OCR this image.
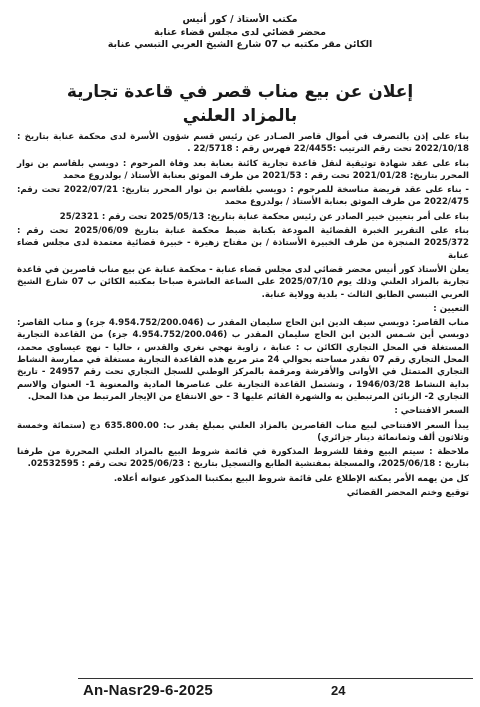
مكتب الأستاذ / كور أنيس
محضر قضائي لدى مجلس قضاء عنابة
الكائن مقر مكتبه ب 07 شارع الشيخ العربي التبسي عنابة
إعلان عن بيع مناب قصر في قاعدة تجارية
بالمزاد العلني

بناء على إذن بالتصرف في أموال قاصر الصـادر عن رئيس قسم شؤون الأسرة لدى محكمة عنابة بتاريخ : 2022/10/18 تحت رقم الترتيب :22/4455 فهرس رقم : 22/5718 .

بناء على عقد شهادة توثيقية لنقل قاعدة تجارية كائنة بعنابة بعد وفاة المرحوم : دويسي بلقاسم بن نوار المحرر بتاريخ: 2021/01/28 تحت رقم : 2021/53 من طرف الموثق بعنابة الأستاذ / بولدروع محمد

- بناء على عقد فريضة مناسخة للمرحوم : دويسي بلقاسم بن نوار المحرر بتاريخ: 2022/07/21 تحت رقم: 2022/475 من طرف الموثق بعنابة الأستاذ / بولدروع محمد

بناء على أمر بتعيين خبير الصادر عن رئيس محكمة عنابة بتاريخ: 2025/05/13 تحت رقم : 25/2321

بناء على التقرير الخبرة القضائية المودعة بكتابة ضبط محكمة عنابة بتاريخ 2025/06/09 تحت رقم : 2025/372 المنجزة من طرف الخبيرة الأستاذة / بن مفتاح زهيرة - خبيرة قضائية معتمدة لدى مجلس قضاء عنابة

يعلن الأستاذ كور أنيس محضر قضائي لدى مجلس قضاء عنابة - محكمة عنابة عن بيع مناب قاصرين في قاعدة تجارية بالمزاد العلني وذلك يوم 2025/07/10 على الساعة العاشرة صباحا بمكتبه الكائن ب 07 شارع الشيخ العربي التبسي الطابق الثالث - بلدية وولاية عنابة.

التعيين :

مناب القاصر: دويسي سيف الدين ابن الحاج سليمان المقدر ب (4.954.752/200.046 جزء) و مناب القاصر: دويسي أين شـمس الدين ابن الحاج سليمان المقدر ب (4.954.752/200.046 جزء) من القاعدة التجارية المستغلة في المحل التجاري الكائن ب : عنابة ، زاوية نهجي نغري والقدس ، حاليا - نهج عيساوي محمد، المحل التجاري رقم 07 تقدر مساحته بحوالي 24 متر مربع هذه القاعدة التجارية مستغلة في ممارسة النشاط التجاري المتمثل في الأوانى والأفرشة ومرقمة بالمركز الوطني للسجل التجاري تحت رقم 24957 - تاريخ بداية النشاط 1946/03/28 ، وتشتمل القاعدة التجارية على عناصرها المادية والمعنوية 1- العنوان والاسم التجاري 2- الزبائن المرتبطين به والشهرة القائم عليها 3 - حق الانتفاع من الإيجار المرتبط من هذا المحل.

السعر الافتتاحي :

يبدأ السعر الافتتاحي لبيع مناب القاصرين بالمزاد العلني بمبلغ يقدر ب: 635.800.00 دج (ستمائة وخمسة وثلاثون ألف وثمانمائة دينار جزائري)

ملاحظة : سيتم البيع وفقا للشروط المذكورة في قائمة شروط البيع بالمزاد العلني المحررة من طرفنا بتاريخ : 2025/06/18، والمسجلة بمفتشية الطابع والتسجيل بتاريخ : 2025/06/23 تحت رقم : 02532595.

كل من يهمه الأمر يمكنه الإطلاع على قائمة شروط البيع بمكتبنا المذكور عنوانه أعلاه.

توقيع وختم المحضر القضائي

An-Nasr29-6-2025	24
